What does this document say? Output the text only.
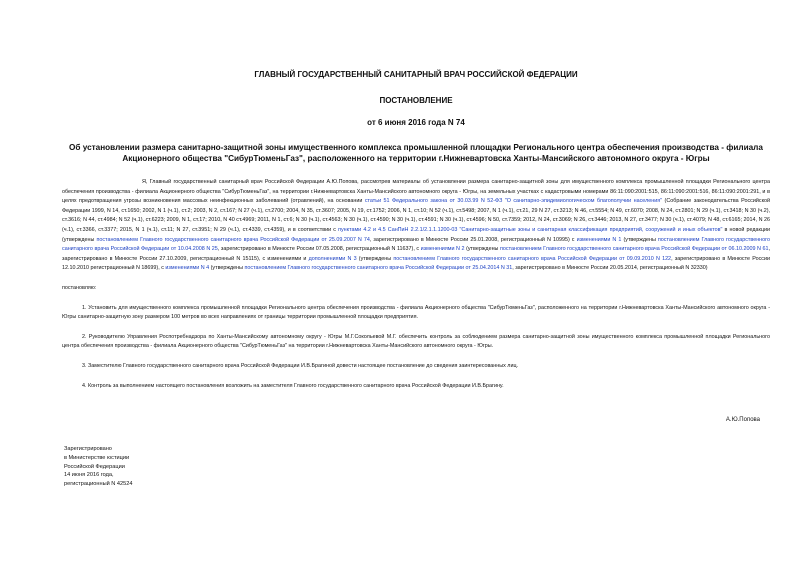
ГЛАВНЫЙ ГОСУДАРСТВЕННЫЙ САНИТАРНЫЙ ВРАЧ РОССИЙСКОЙ ФЕДЕРАЦИИ
ПОСТАНОВЛЕНИЕ
от 6 июня 2016 года N 74
Об установлении размера санитарно-защитной зоны имущественного комплекса промышленной площадки Регионального центра обеспечения производства - филиала Акционерного общества "СибурТюменьГаз", расположенного на территории г.Нижневартовска Ханты-Мансийского автономного округа - Югры
Я, Главный государственный санитарный врач Российской Федерации А.Ю.Попова, рассмотрев материалы об установлении размера санитарно-защитной зоны для имущественного комплекса промышленной площадки Регионального центра обеспечения производства - филиала Акционерного общества "СибурТюменьГаз", на территории г.Нижневартовска Ханты-Мансийского автономного округа - Югры, на земельных участках с кадастровыми номерами 86:11:090:2001:515, 86:11:090:2001:516, 86:11:090:2001:291, и в целях предотвращения угрозы возникновения массовых неинфекционных заболеваний (отравлений), на основании статьи 51 Федерального закона от 30.03.99 N 52-ФЗ "О санитарно-эпидемиологическом благополучии населения" (Собрание законодательства Российской Федерации 1999, N 14, ст.1650; 2002, N 1 (ч.1), ст.2; 2003, N 2, ст.167; N 27 (ч.1), ст.2700; 2004, N 35, ст.3607; 2005, N 19, ст.1752; 2006, N 1, ст.10; N 52 (ч.1), ст.5498; 2007, N 1 (ч.1), ст.21, 29 N 27, ст.3213; N 46, ст.5554; N 49, ст.6070; 2008, N 24, ст.2801; N 29 (ч.1), ст.3418; N 30 (ч.2), ст.3616; N 44, ст.4984; N 52 (ч.1), ст.6223; 2009, N 1, ст.17; 2010, N 40 ст.4969; 2011, N 1, ст.6; N 30 (ч.1), ст.4563; N 30 (ч.1), ст.4590; N 30 (ч.1), ст.4591; N 30 (ч.1), ст.4596; N 50, ст.7359; 2012, N 24, ст.3069; N 26, ст.3446; 2013, N 27, ст.3477; N 30 (ч.1), ст.4079; N 48, ст.6165; 2014, N 26 (ч.1), ст.3366, ст.3377; 2015, N 1 (ч.1), ст.11; N 27, ст.3951; N 29 (ч.1), ст.4339, ст.4359), и в соответствии с пунктами 4.2 и 4.5 СанПиН 2.2.1/2.1.1.1200-03 "Санитарно-защитные зоны и санитарная классификация предприятий, сооружений и иных объектов" в новой редакции (утверждены постановлением Главного государственного санитарного врача Российской Федерации от 25.09.2007 N 74, зарегистрировано в Минюсте России 25.01.2008, регистрационный N 10995) с изменениями N 1 (утверждены постановлением Главного государственного санитарного врача Российской Федерации от 10.04.2008 N 25, зарегистрировано в Минюсте России 07.05.2008, регистрационный N 11637), с изменениями N 2 (утверждены постановлением Главного государственного санитарного врача Российской Федерации от 06.10.2009 N 61, зарегистрировано в Минюсте России 27.10.2009, регистрационный N 15115), с изменениями и дополнениями N 3 (утверждены постановлением Главного государственного санитарного врача Российской Федерации от 09.09.2010 N 122, зарегистрировано в Минюсте России 12.10.2010 регистрационный N 18699), с изменениями N 4 (утверждены постановлением Главного государственного санитарного врача Российской Федерации от 25.04.2014 N 31, зарегистрировано в Минюсте России 20.05.2014, регистрационный N 32330)
постановляю:
1. Установить для имущественного комплекса промышленной площадки Регионального центра обеспечения производства - филиала Акционерного общества "СибурТюменьГаз", расположенного на территории г.Нижневартовска Ханты-Мансийского автономного округа - Югры санитарно-защитную зону размером 100 метров во всех направлениях от границы территории промышленной площадки предприятия.
2. Руководителю Управления Роспотребнадзора по Ханты-Мансийскому автономному округу - Югры М.Г.Сокольевой М.Г. обеспечить контроль за соблюдением размера санитарно-защитной зоны имущественного комплекса промышленной площадки Регионального центра обеспечения производства - филиала Акционерного общества "СибурТюменьГаз" на территории г.Нижневартовска Ханты-Мансийского автономного округа - Югры.
3. Заместителю Главного государственного санитарного врача Российской Федерации И.В.Брагиной довести настоящее постановление до сведения заинтересованных лиц.
4. Контроль за выполнением настоящего постановления возложить на заместителя Главного государственного санитарного врача Российской Федерации И.В.Брагину.
А.Ю.Попова
Зарегистрировано
в Министерстве юстиции
Российской Федерации
14 июня 2016 года,
регистрационный N 42524
